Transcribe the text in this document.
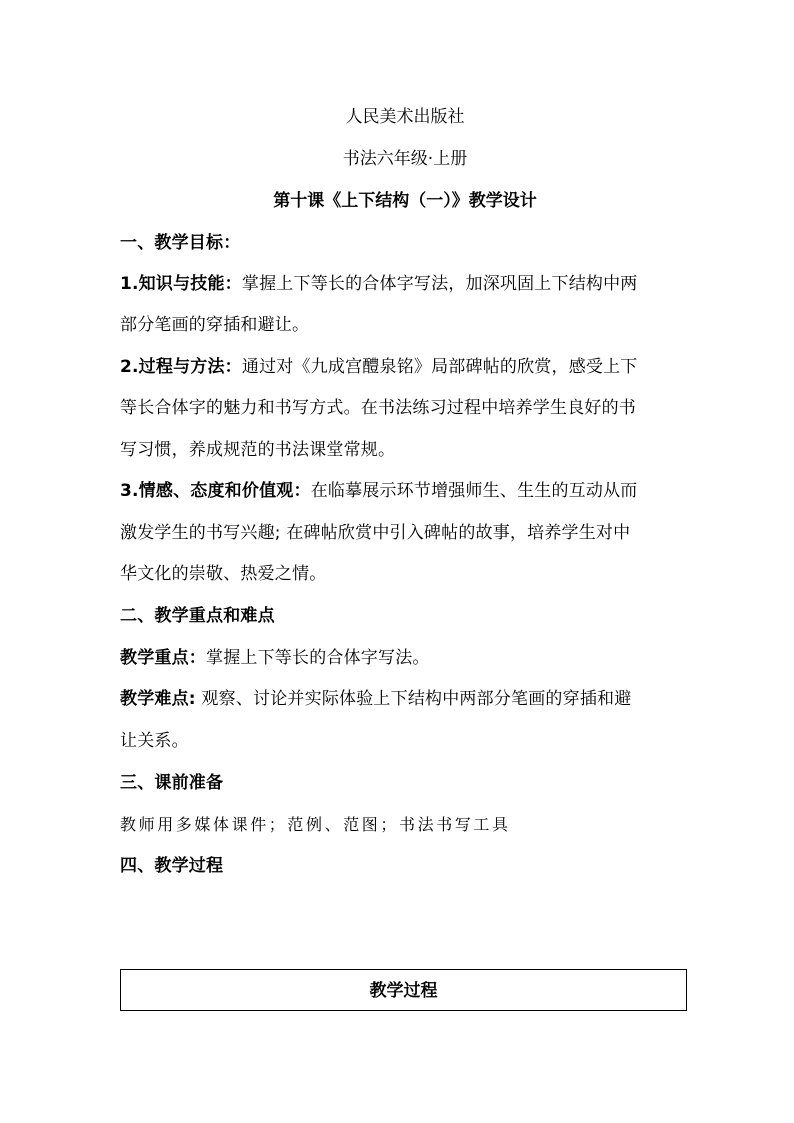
人民美术出版社
书法六年级·上册
第十课《上下结构（一）》教学设计
一、教学目标：
1.知识与技能：掌握上下等长的合体字写法，加深巩固上下结构中两
部分笔画的穿插和避让。
2.过程与方法：通过对《九成宫醴泉铭》局部碑帖的欣赏，感受上下
等长合体字的魅力和书写方式。在书法练习过程中培养学生良好的书
写习惯，养成规范的书法课堂常规。
3.情感、态度和价值观：在临摹展示环节增强师生、生生的互动从而
激发学生的书写兴趣; 在碑帖欣赏中引入碑帖的故事，培养学生对中
华文化的崇敬、热爱之情。
二、教学重点和难点
教学重点：掌握上下等长的合体字写法。
教学难点: 观察、讨论并实际体验上下结构中两部分笔画的穿插和避
让关系。
三、课前准备
教师用多媒体课件；范例、范图；书法书写工具
四、教学过程
教学过程
